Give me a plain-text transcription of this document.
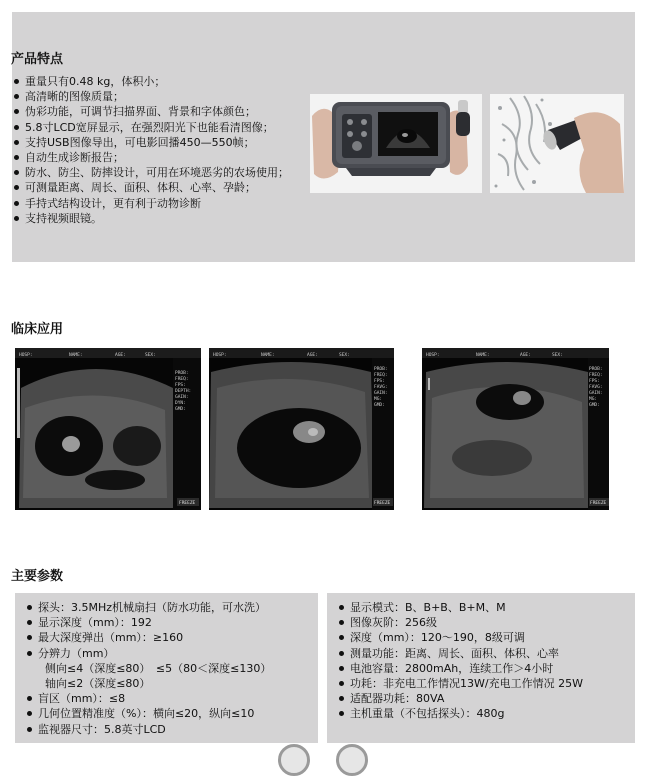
产品特点
重量只有0.48 kg，体积小；
高清晰的图像质量；
伪彩功能，可调节扫描界面、背景和字体颜色；
5.8寸LCD宽屏显示，在强烈阳光下也能看清图像；
支持USB图像导出，可电影回播450—550帧；
自动生成诊断报告；
防水、防尘、防摔设计，可用在环境恶劣的农场使用；
可测量距离、周长、面积、体积、心率、孕龄；
手持式结构设计，更有利于动物诊断
支持视频眼镜。
临床应用
HOSP:	NAME:	AGE:	SEX:
PROB:
FREQ:
FPS:
DEPTH:
GAIN:
DYN:
GMD:
FREEZE
HOSP:	NAME:	AGE:	SEX:
PROB:
FREQ:
FPS:
FAVG:
GAIN:
MG:
GMD:
FREEZE
HOSP:	NAME:	AGE:	SEX:
PROB:
FREQ:
FPS:
FAVG:
GAIN:
MG:
GMD:
FREEZE
主要参数
探头：3.5MHz机械扇扫（防水功能，可水洗）
显示深度（mm）：192
最大深度弹出（mm）：≥160
分辨力（mm）
侧向≤4（深度≤80）　≤5（80＜深度≤130）
轴向≤2（深度≤80）
盲区（mm）：≤8
几何位置精准度（%）：横向≤20，纵向≤10
监视器尺寸：5.8英寸LCD
显示模式：B、B+B、B+M、M
图像灰阶：256级
深度（mm）：120～190，8级可调
测量功能：距离、周长、面积、体积、心率
电池容量：2800mAh，连续工作＞4小时
功耗：非充电工作情况13W/充电工作情况 25W
适配器功耗：80VA
主机重量（不包括探头）：480g
